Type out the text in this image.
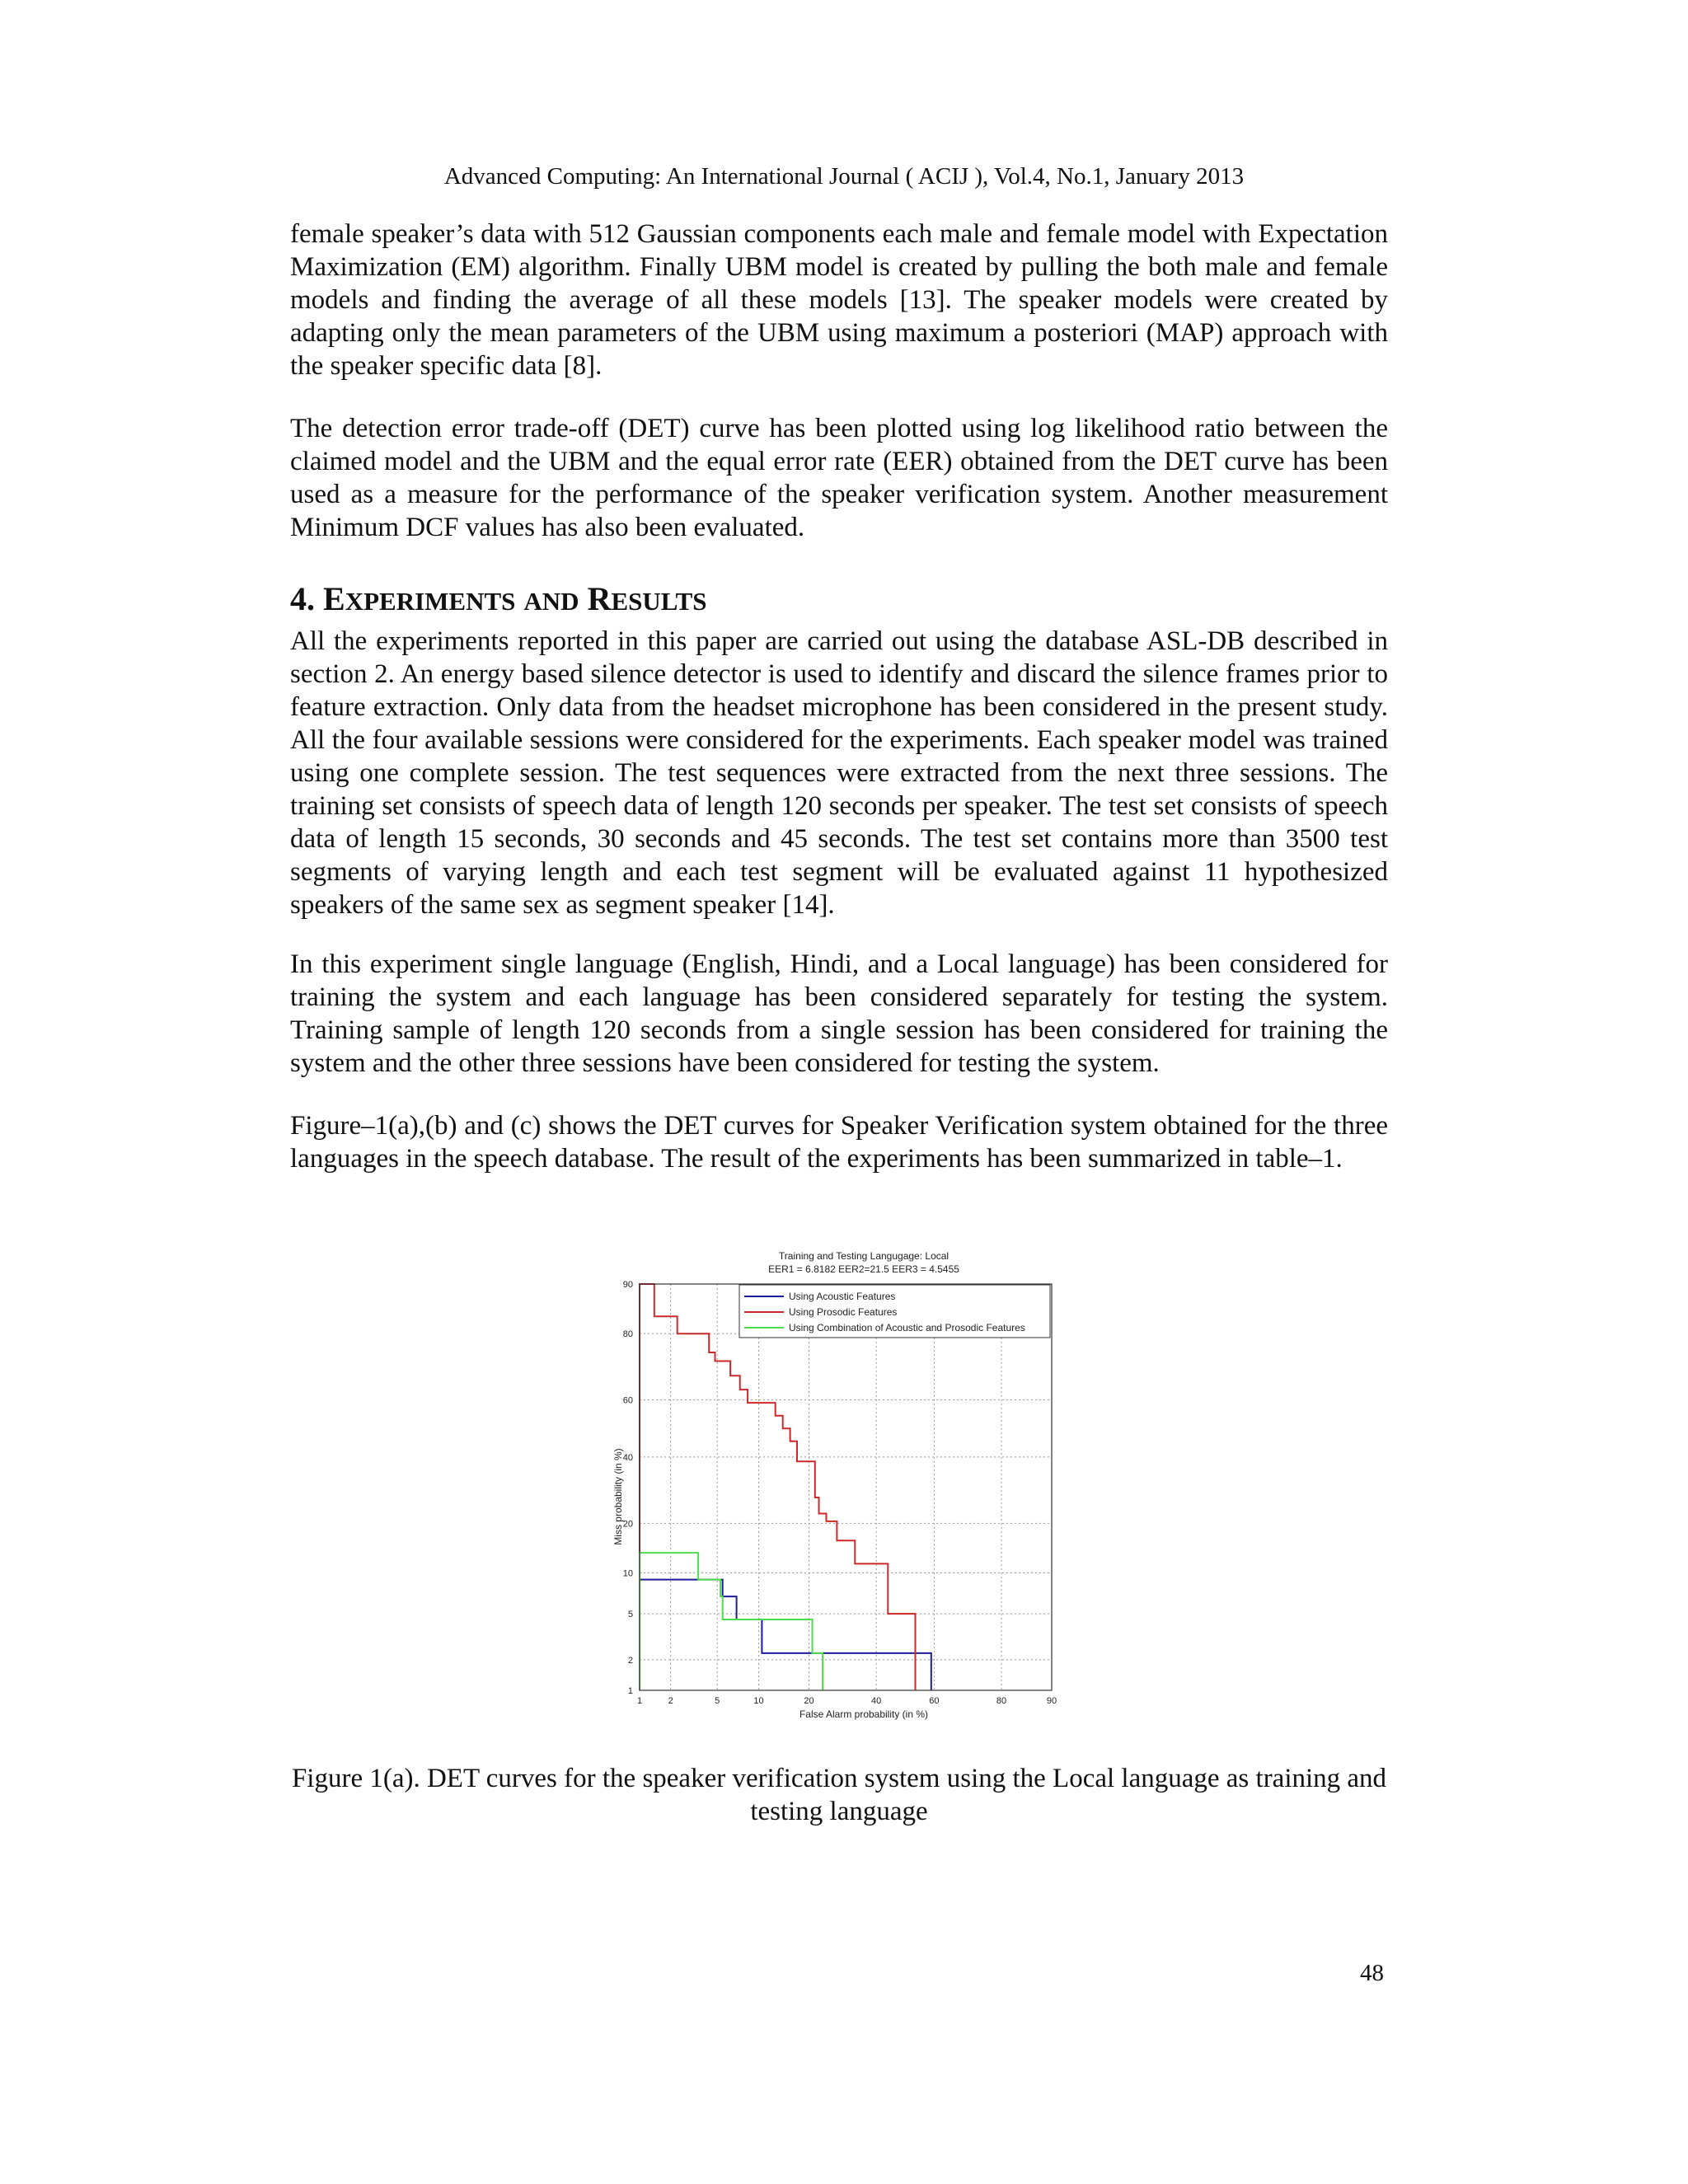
Advanced Computing: An International Journal ( ACIJ ), Vol.4, No.1, January 2013

female speaker’s data with 512 Gaussian components each male and female model with Expectation Maximization (EM) algorithm. Finally UBM model is created by pulling the both male and female models and finding the average of all these models [13]. The speaker models were created by adapting only the mean parameters of the UBM using maximum a posteriori (MAP) approach with the speaker specific data [8].

The detection error trade-off (DET) curve has been plotted using log likelihood ratio between the claimed model and the UBM and the equal error rate (EER) obtained from the DET curve has been used as a measure for the performance of the speaker verification system. Another measurement Minimum DCF values has also been evaluated.

4. EXPERIMENTS AND RESULTS

All the experiments reported in this paper are carried out using the database ASL-DB described in section 2. An energy based silence detector is used to identify and discard the silence frames prior to feature extraction. Only data from the headset microphone has been considered in the present study. All the four available sessions were considered for the experiments. Each speaker model was trained using one complete session. The test sequences were extracted from the next three sessions. The training set consists of speech data of length 120 seconds per speaker. The test set consists of speech data of length 15 seconds, 30 seconds and 45 seconds. The test set contains more than 3500 test segments of varying length and each test segment will be evaluated against 11 hypothesized speakers of the same sex as segment speaker [14].

In this experiment single language (English, Hindi, and a Local language) has been considered for training the system and each language has been considered separately for testing the system. Training sample of length 120 seconds from a single session has been considered for training the system and the other three sessions have been considered for testing the system.

Figure–1(a),(b) and (c) shows the DET curves for Speaker Verification system obtained for the three languages in the speech database. The result of the experiments has been summarized in table–1.

Training and Testing Langugage: Local
EER1 = 6.8182 EER2=21.5 EER3 = 4.5455
1	2	5	10	20	40	60	80	90
1
2
5
10
20
40
60
80
90
Using Acoustic Features
Using Prosodic Features
Using Combination of Acoustic and Prosodic Features
False Alarm probability (in %)
Miss probability (in %)
Figure 1(a). DET curves for the speaker verification system using the Local language as training and testing language
48
